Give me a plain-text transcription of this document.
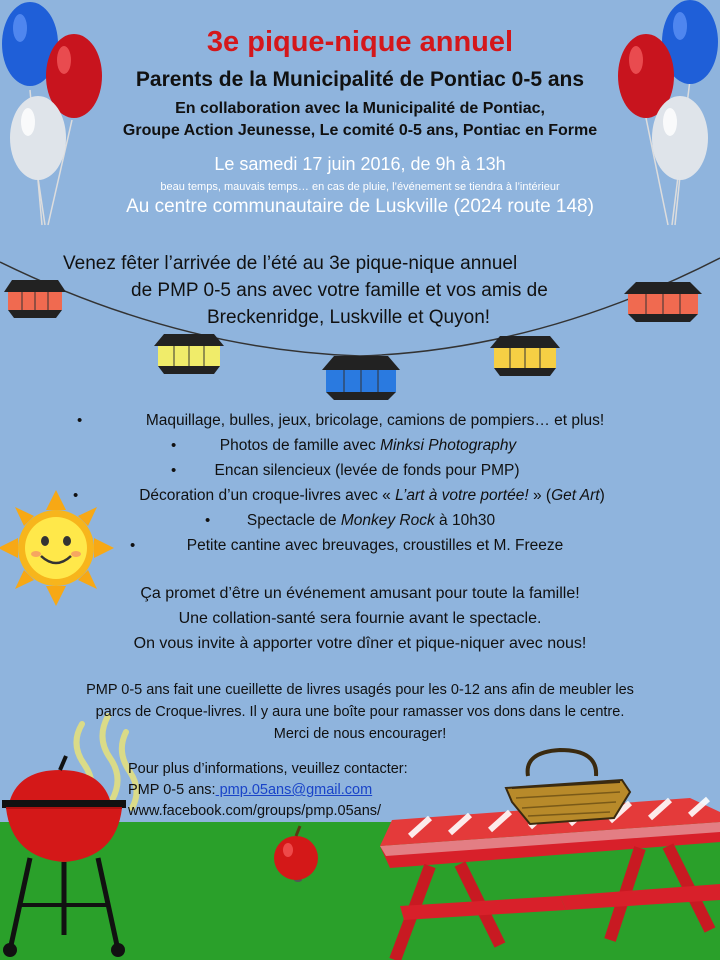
3e pique-nique annuel
Parents de la Municipalité de Pontiac 0-5 ans
En collaboration avec la Municipalité de Pontiac,
Groupe Action Jeunesse, Le comité 0-5 ans, Pontiac en Forme
Le samedi 17 juin 2016, de 9h à 13h
beau temps, mauvais temps… en cas de pluie, l’événement se tiendra à l’intérieur
Au centre communautaire de Luskville (2024 route 148)
Venez fêter l’arrivée de l’été au 3e pique-nique annuel
de PMP 0-5 ans avec votre famille et vos amis de
Breckenridge, Luskville et Quyon!
•	Maquillage, bulles, jeux, bricolage, camions de pompiers… et plus!
•	Photos de famille avec Minksi Photography
• Encan silencieux (levée de fonds pour PMP)
•	Décoration d’un croque-livres avec « L’art à votre portée! » (Get Art)
• Spectacle de Monkey Rock à 10h30
•	Petite cantine avec breuvages, croustilles et M. Freeze
Ça promet d’être un événement amusant pour toute la famille!
Une collation-santé sera fournie avant le spectacle.
On vous invite à apporter votre dîner et pique-niquer avec nous!
PMP 0-5 ans fait une cueillette de livres usagés pour les 0-12 ans afin de meubler les
parcs de Croque-livres. Il y aura une boîte pour ramasser vos dons dans le centre.
Merci de nous encourager!
Pour plus d’informations, veuillez contacter:
PMP 0-5 ans: pmp.05ans@gmail.com
www.facebook.com/groups/pmp.05ans/
